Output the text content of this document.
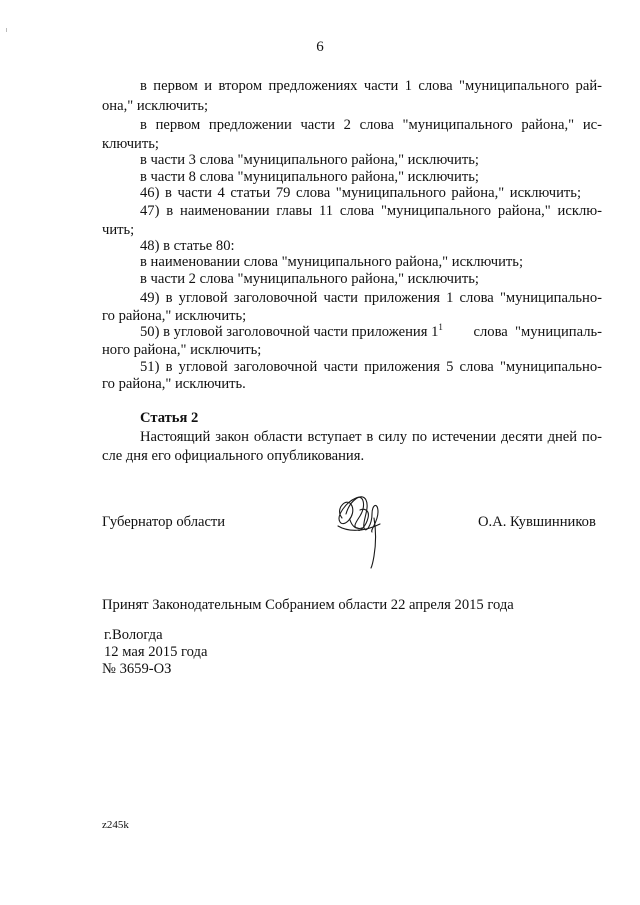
6
в первом и втором предложениях части 1 слова "муниципального рай-
она," исключить;
в первом предложении части 2 слова "муниципального района," ис-
ключить;
в части 3 слова "муниципального района," исключить;
в части 8 слова "муниципального района," исключить;
46) в части 4 статьи 79 слова "муниципального района," исключить;
47) в наименовании главы 11 слова "муниципального района," исклю-
чить;
48) в статье 80:
в наименовании слова "муниципального района," исключить;
в части 2 слова "муниципального района," исключить;
49) в угловой заголовочной части приложения 1 слова "муниципально-
го района," исключить;
50) в угловой заголовочной части приложения $1^1$ слова  "муниципаль-
ного района," исключить;
51) в угловой заголовочной части приложения 5 слова "муниципально-
го района," исключить.
Статья 2
Настоящий закон области вступает в силу по истечении десяти дней по-
сле дня его официального опубликования.
Губернатор области	О.А. Кувшинников
Принят Законодательным Собранием области 22 апреля 2015 года
г.Вологда
12 мая 2015 года
№ 3659-ОЗ
z245k
